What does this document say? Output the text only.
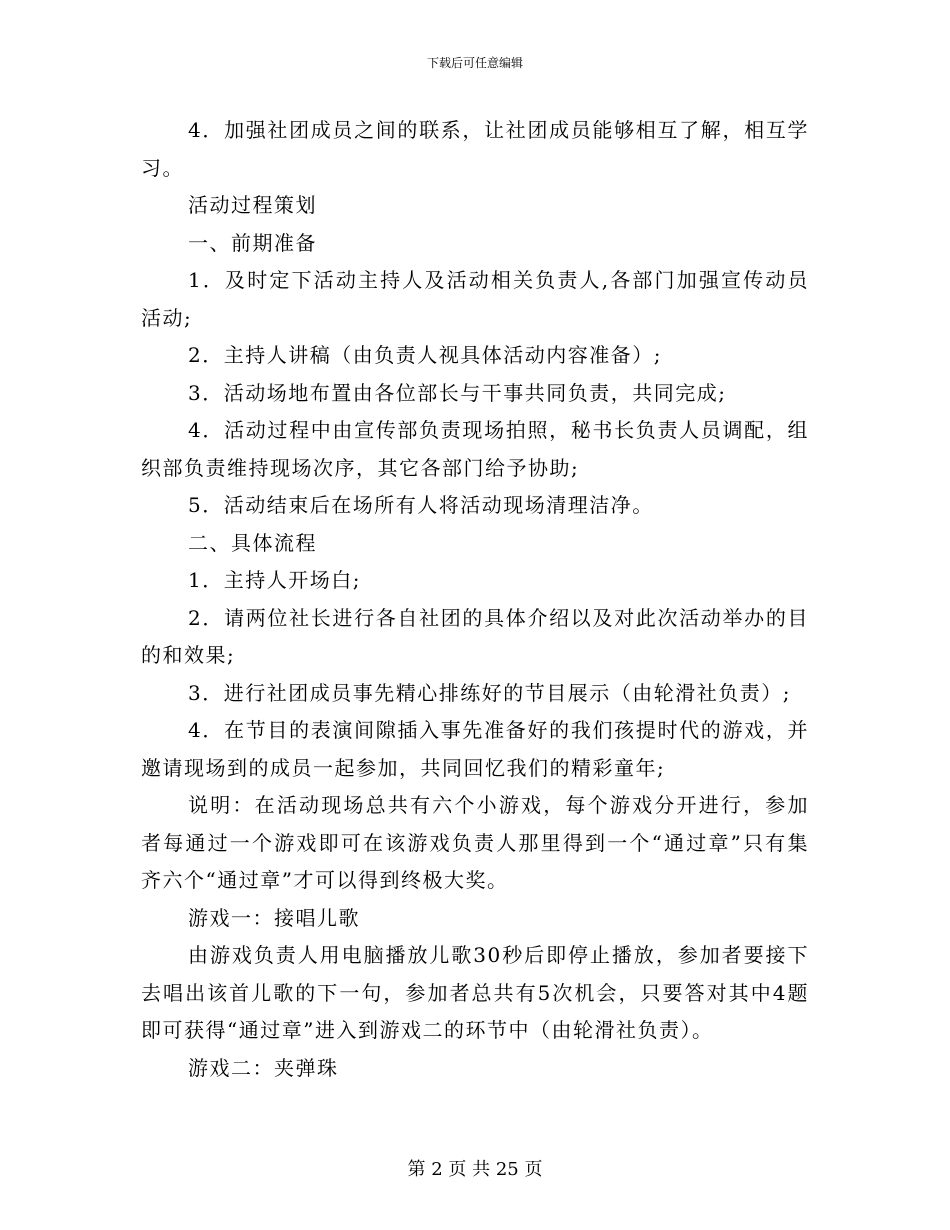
下载后可任意编辑

4．加强社团成员之间的联系，让社团成员能够相互了解，相互学习。

活动过程策划

一、前期准备

1．及时定下活动主持人及活动相关负责人,各部门加强宣传动员活动;

2．主持人讲稿（由负责人视具体活动内容准备）;

3．活动场地布置由各位部长与干事共同负责，共同完成;

4．活动过程中由宣传部负责现场拍照，秘书长负责人员调配，组织部负责维持现场次序，其它各部门给予协助;

5．活动结束后在场所有人将活动现场清理洁净。

二、具体流程

1．主持人开场白;

2．请两位社长进行各自社团的具体介绍以及对此次活动举办的目的和效果;

3．进行社团成员事先精心排练好的节目展示（由轮滑社负责）;

4．在节目的表演间隙插入事先准备好的我们孩提时代的游戏，并邀请现场到的成员一起参加，共同回忆我们的精彩童年;

说明：在活动现场总共有六个小游戏，每个游戏分开进行，参加者每通过一个游戏即可在该游戏负责人那里得到一个“通过章”只有集齐六个“通过章”才可以得到终极大奖。

游戏一：接唱儿歌

由游戏负责人用电脑播放儿歌30秒后即停止播放，参加者要接下去唱出该首儿歌的下一句，参加者总共有5次机会，只要答对其中4题即可获得“通过章”进入到游戏二的环节中（由轮滑社负责）。

游戏二：夹弹珠

第 2 页 共 25 页
